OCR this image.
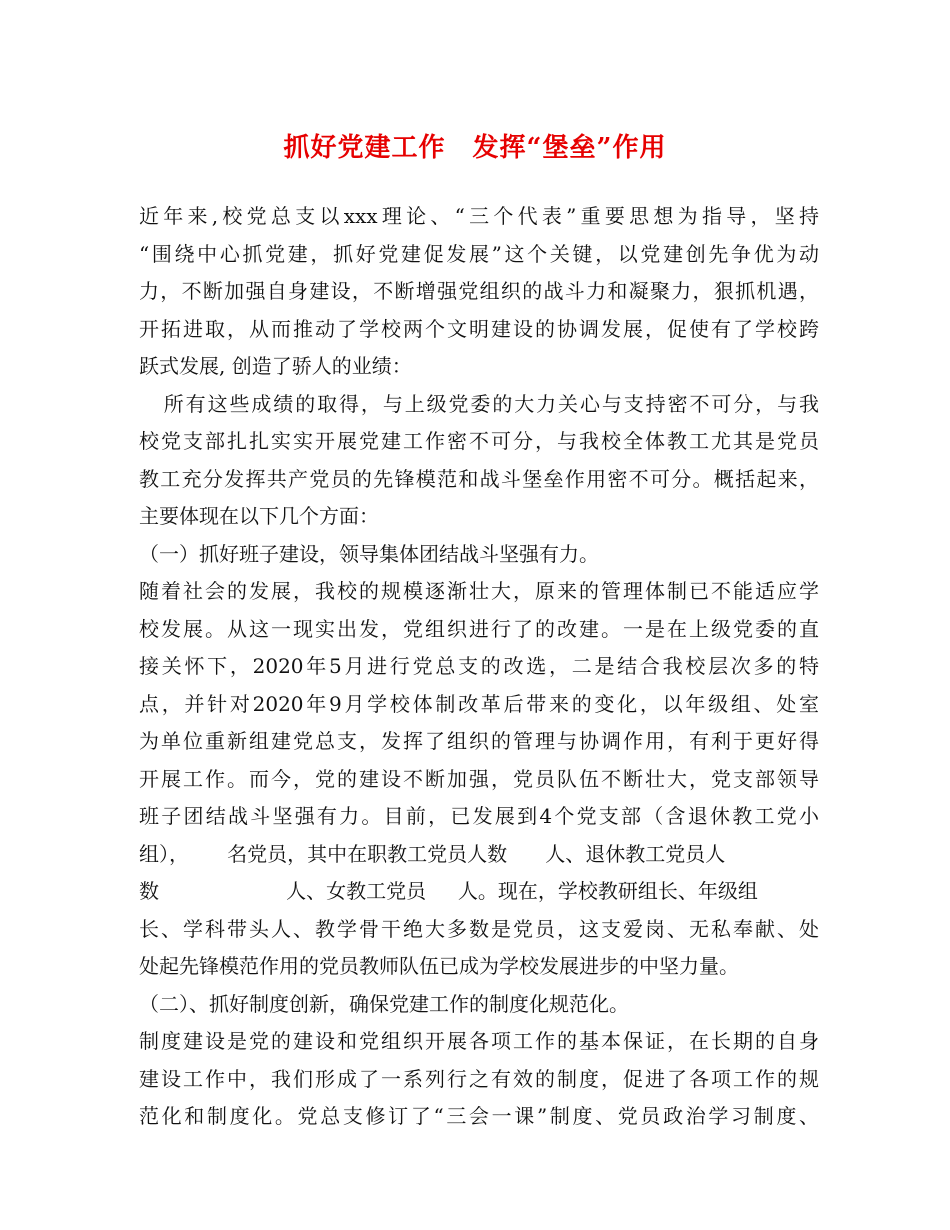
抓好党建工作　发挥“堡垒”作用
近年来,校党总支以xxx理论、“三个代表”重要思想为指导，坚持
“围绕中心抓党建，抓好党建促发展”这个关键，以党建创先争优为动
力，不断加强自身建设，不断增强党组织的战斗力和凝聚力，狠抓机遇，
开拓进取，从而推动了学校两个文明建设的协调发展，促使有了学校跨
跃式发展, 创造了骄人的业绩：
所有这些成绩的取得，与上级党委的大力关心与支持密不可分，与我
校党支部扎扎实实开展党建工作密不可分，与我校全体教工尤其是党员
教工充分发挥共产党员的先锋模范和战斗堡垒作用密不可分。概括起来，
主要体现在以下几个方面：
（一）抓好班子建设，领导集体团结战斗坚强有力。
随着社会的发展，我校的规模逐渐壮大，原来的管理体制已不能适应学
校发展。从这一现实出发，党组织进行了的改建。一是在上级党委的直
接关怀下，2020年5月进行党总支的改选，二是结合我校层次多的特
点，并针对2020年9月学校体制改革后带来的变化，以年级组、处室
为单位重新组建党总支，发挥了组织的管理与协调作用，有利于更好得
开展工作。而今，党的建设不断加强，党员队伍不断壮大，党支部领导
班子团结战斗坚强有力。目前，已发展到4个党支部（含退休教工党小
组），      名党员，其中在职教工党员人数      人、退休教工党员人
数                    人、女教工党员     人。现在，学校教研组长、年级组
长、学科带头人、教学骨干绝大多数是党员，这支爱岗、无私奉献、处
处起先锋模范作用的党员教师队伍已成为学校发展进步的中坚力量。
（二）、抓好制度创新，确保党建工作的制度化规范化。
制度建设是党的建设和党组织开展各项工作的基本保证，在长期的自身
建设工作中，我们形成了一系列行之有效的制度，促进了各项工作的规
范化和制度化。党总支修订了“三会一课”制度、党员政治学习制度、
